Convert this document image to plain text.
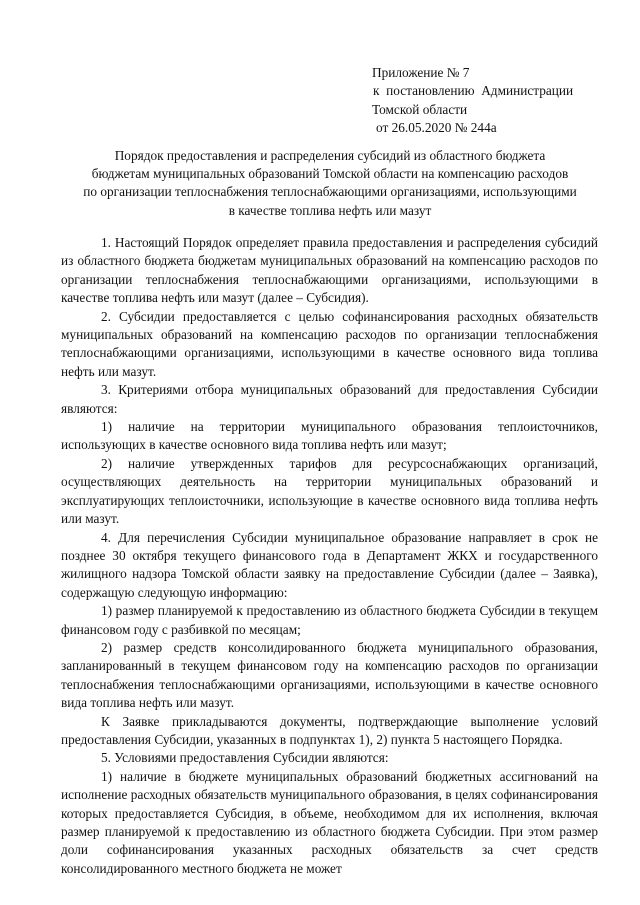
Приложение № 7
к  постановлению  Администрации
Томской области
от 26.05.2020 № 244а
Порядок предоставления и распределения субсидий из областного бюджета
бюджетам муниципальных образований Томской области на компенсацию расходов
по организации теплоснабжения теплоснабжающими организациями, использующими
в качестве топлива нефть или мазут

1. Настоящий Порядок определяет правила предоставления и распределения субсидий из областного бюджета бюджетам муниципальных образований на компенсацию расходов по организации теплоснабжения теплоснабжающими организациями, использующими в качестве топлива нефть или мазут (далее – Субсидия).

2. Субсидии предоставляется с целью софинансирования расходных обязательств муниципальных образований на компенсацию расходов по организации теплоснабжения теплоснабжающими организациями, использующими в качестве основного вида топлива нефть или мазут.

3. Критериями отбора муниципальных образований для предоставления Субсидии являются:

1) наличие на территории муниципального образования теплоисточников, использующих в качестве основного вида топлива нефть или мазут;

2) наличие утвержденных тарифов для ресурсоснабжающих организаций, осуществляющих деятельность на территории муниципальных образований и эксплуатирующих теплоисточники, использующие в качестве основного вида топлива нефть или мазут.

4. Для перечисления Субсидии муниципальное образование направляет в срок не позднее 30 октября текущего финансового года в Департамент ЖКХ и государственного жилищного надзора Томской области заявку на предоставление Субсидии (далее – Заявка), содержащую следующую информацию:

1) размер планируемой к предоставлению из областного бюджета Субсидии в текущем финансовом году с разбивкой по месяцам;

2) размер средств консолидированного бюджета муниципального образования, запланированный в текущем финансовом году на компенсацию расходов по организации теплоснабжения теплоснабжающими организациями, использующими в качестве основного вида топлива нефть или мазут.

К Заявке прикладываются документы, подтверждающие выполнение условий предоставления Субсидии, указанных в подпунктах 1), 2) пункта 5 настоящего Порядка.

5. Условиями предоставления Субсидии являются:

1) наличие в бюджете муниципальных образований бюджетных ассигнований на исполнение расходных обязательств муниципального образования, в целях софинансирования которых предоставляется Субсидия, в объеме, необходимом для их исполнения, включая размер планируемой к предоставлению из областного бюджета Субсидии. При этом размер доли софинансирования указанных расходных обязательств за счет средств консолидированного местного бюджета не может
